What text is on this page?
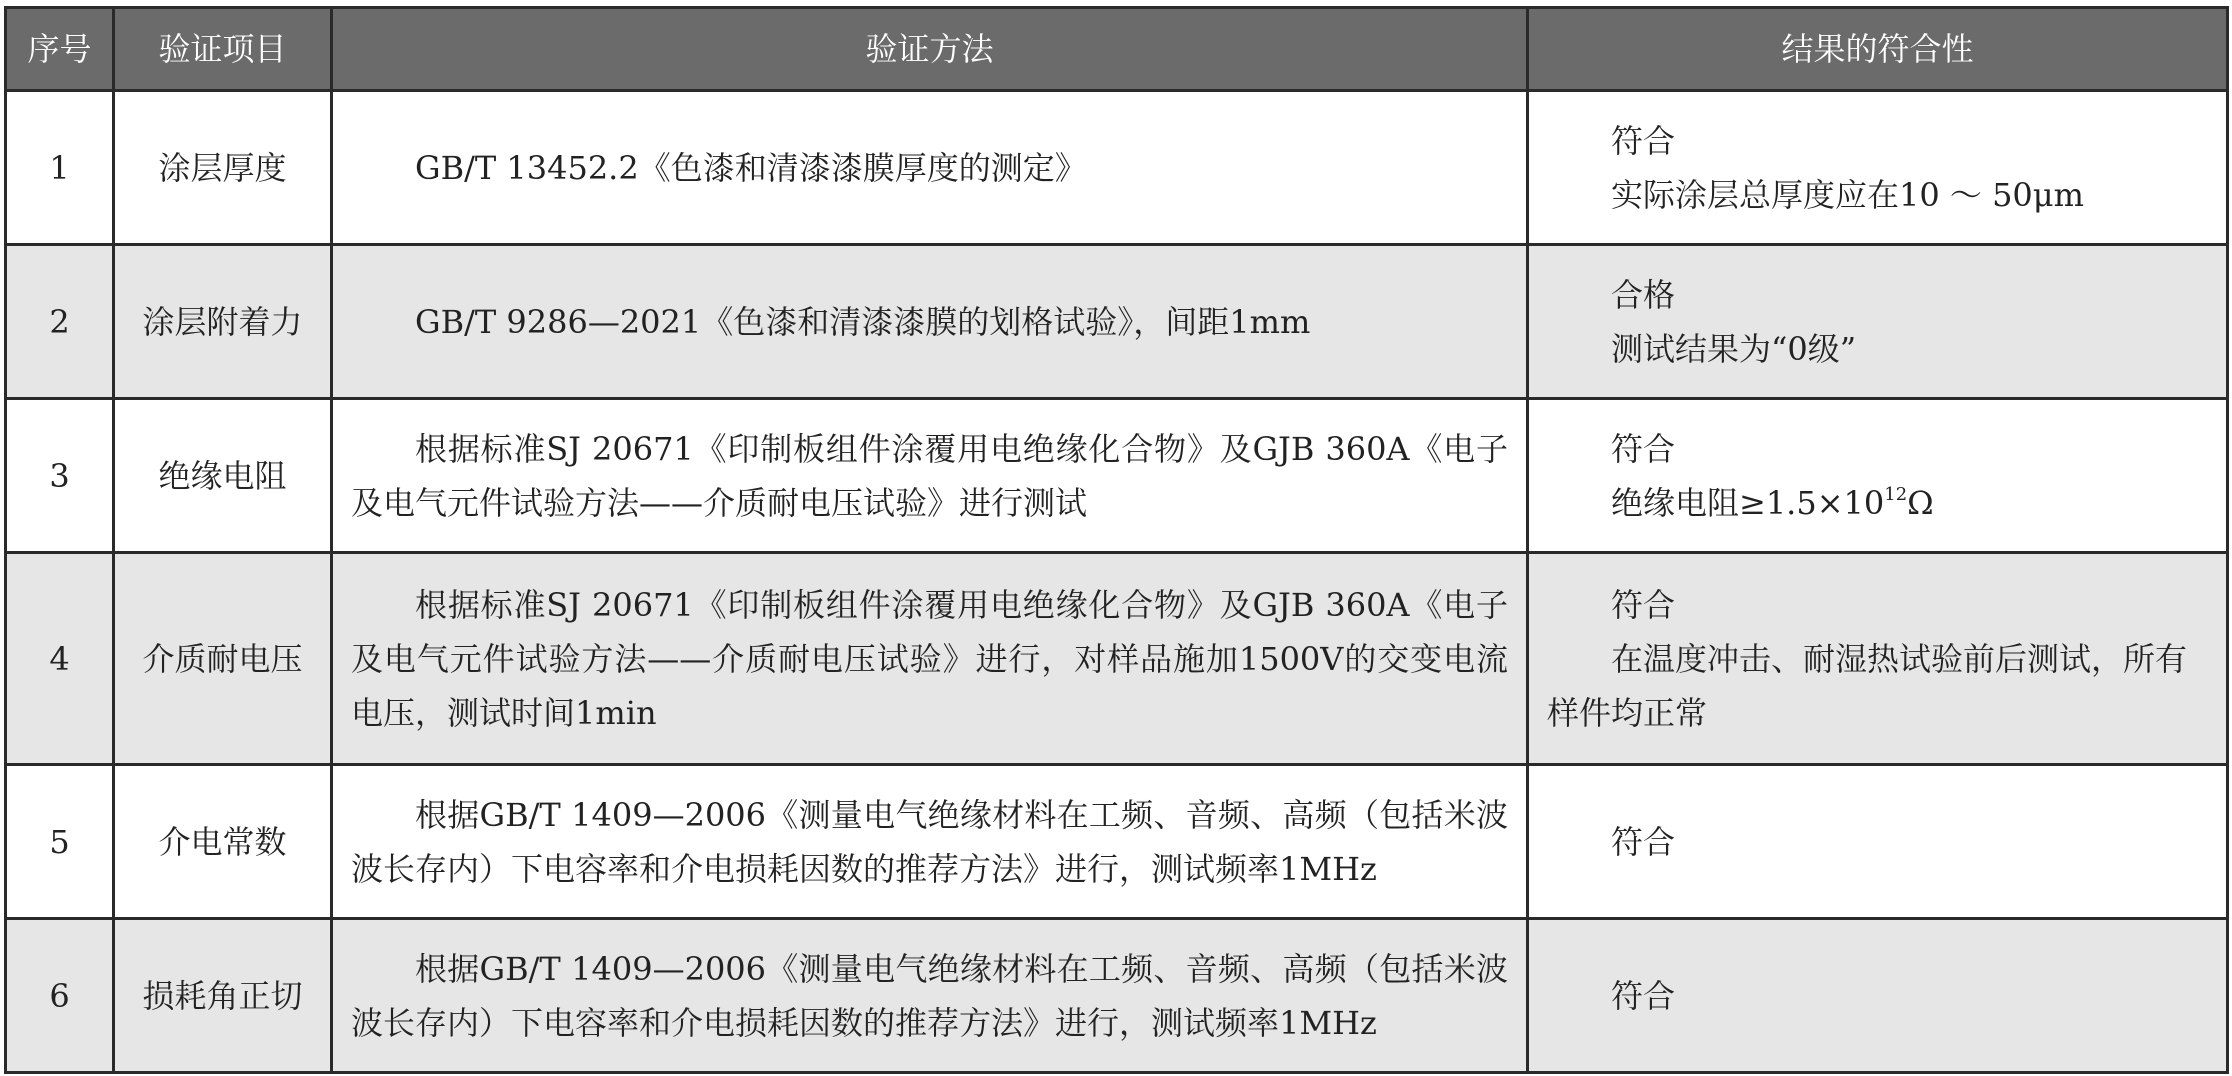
序号	验证项目	验证方法	结果的符合性
1	涂层厚度	GB/T 13452.2《色漆和清漆漆膜厚度的测定》	符合
实际涂层总厚度应在10 ～ 50μm

2	涂层附着力	GB/T 9286—2021《色漆和清漆漆膜的划格试验》，间距1mm	合格
测试结果为“0级”

3	绝缘电阻	根据标准SJ 20671《印制板组件涂覆用电绝缘化合物》及GJB 360A《电子及电气元件试验方法——介质耐电压试验》进行测试	符合
绝缘电阻$\ge 1.5\times 10^{12}\Omega$

4	介质耐电压	根据标准SJ 20671《印制板组件涂覆用电绝缘化合物》及GJB 360A《电子及电气元件试验方法——介质耐电压试验》进行，对样品施加1500V的交变电流电压，测试时间1min	符合
在温度冲击、耐湿热试验前后测试，所有样件均正常

5	介电常数	根据GB/T 1409—2006《测量电气绝缘材料在工频、音频、高频（包括米波波长存内）下电容率和介电损耗因数的推荐方法》进行，测试频率1MHz	符合

6	损耗角正切	根据GB/T 1409—2006《测量电气绝缘材料在工频、音频、高频（包括米波波长存内）下电容率和介电损耗因数的推荐方法》进行，测试频率1MHz	符合
